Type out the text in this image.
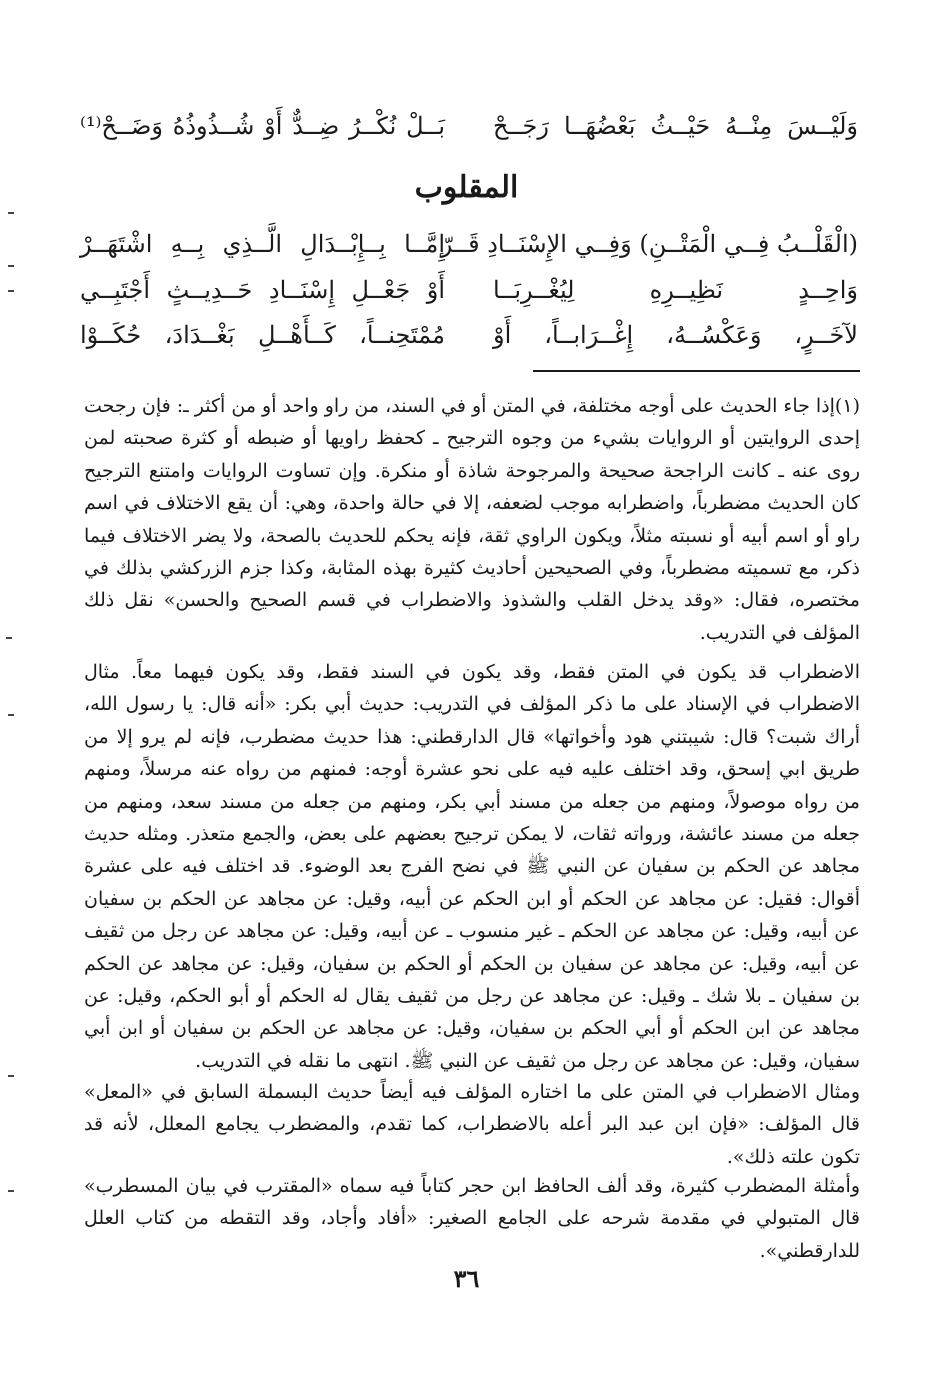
وَلَيْــسَ مِنْــهُ حَيْــثُ بَعْضُهَــا رَجَــحْ
بَــلْ نُكْــرُ ضِــدٌّ أَوْ شُــذُوذُهُ وَضَــحْ⁽¹⁾
المقلوب
(الْقَلْــبُ فِــي الْمَتْــنِ) وَفِــي الإِسْنَــادِ قَــرّ
إِمَّــا بِــإِبْــدَالِ الَّــذِي بِــهِ اشْتَهَــرْ
وَاحِــدٍ نَظِيــرِهِ لِيُغْــرِبَــا
أَوْ جَعْــلِ إِسْنَــادِ حَــدِيــثٍ أَجْتَبِــي
لآخَــرٍ، وَعَكْسُــهُ، إِغْــرَابــاً، أَوْ
مُمْتَحِنــاً، كَــأَهْــلِ بَغْــدَادَ، حُكَــوْا

(١)إذا جاء الحديث على أوجه مختلفة، في المتن أو في السند، من راو واحد أو من أكثر ـ: فإن رجحت إحدى الروايتين أو الروايات بشيء من وجوه الترجيح ـ كحفظ راويها أو ضبطه أو كثرة صحبته لمن روى عنه ـ كانت الراجحة صحيحة والمرجوحة شاذة أو منكرة. وإن تساوت الروايات وامتنع الترجيح كان الحديث مضطرباً، واضطرابه موجب لضعفه، إلا في حالة واحدة، وهي: أن يقع الاختلاف في اسم راو أو اسم أبيه أو نسبته مثلاً، ويكون الراوي ثقة، فإنه يحكم للحديث بالصحة، ولا يضر الاختلاف فيما ذكر، مع تسميته مضطرباً، وفي الصحيحين أحاديث كثيرة بهذه المثابة، وكذا جزم الزركشي بذلك في مختصره، فقال: «وقد يدخل القلب والشذوذ والاضطراب في قسم الصحيح والحسن» نقل ذلك المؤلف في التدريب.

الاضطراب قد يكون في المتن فقط، وقد يكون في السند فقط، وقد يكون فيهما معاً. مثال الاضطراب في الإسناد على ما ذكر المؤلف في التدريب: حديث أبي بكر: «أنه قال: يا رسول الله، أراك شبت؟ قال: شيبتني هود وأخواتها» قال الدارقطني: هذا حديث مضطرب، فإنه لم يرو إلا من طريق ابي إسحق، وقد اختلف عليه فيه على نحو عشرة أوجه: فمنهم من رواه عنه مرسلاً، ومنهم من رواه موصولاً، ومنهم من جعله من مسند أبي بكر، ومنهم من جعله من مسند سعد، ومنهم من جعله من مسند عائشة، ورواته ثقات، لا يمكن ترجيح بعضهم على بعض، والجمع متعذر. ومثله حديث مجاهد عن الحكم بن سفيان عن النبي ﷺ في نضح الفرج بعد الوضوء. قد اختلف فيه على عشرة أقوال: فقيل: عن مجاهد عن الحكم أو ابن الحكم عن أبيه، وقيل: عن مجاهد عن الحكم بن سفيان عن أبيه، وقيل: عن مجاهد عن الحكم ـ غير منسوب ـ عن أبيه، وقيل: عن مجاهد عن رجل من ثقيف عن أبيه، وقيل: عن مجاهد عن سفيان بن الحكم أو الحكم بن سفيان، وقيل: عن مجاهد عن الحكم بن سفيان ـ بلا شك ـ وقيل: عن مجاهد عن رجل من ثقيف يقال له الحكم أو أبو الحكم، وقيل: عن مجاهد عن ابن الحكم أو أبي الحكم بن سفيان، وقيل: عن مجاهد عن الحكم بن سفيان أو ابن أبي سفيان، وقيل: عن مجاهد عن رجل من ثقيف عن النبي ﷺ. انتهى ما نقله في التدريب.

ومثال الاضطراب في المتن على ما اختاره المؤلف فيه أيضاً حديث البسملة السابق في «المعل» قال المؤلف: «فإن ابن عبد البر أعله بالاضطراب، كما تقدم، والمضطرب يجامع المعلل، لأنه قد تكون علته ذلك».

وأمثلة المضطرب كثيرة، وقد ألف الحافظ ابن حجر كتاباً فيه سماه «المقترب في بيان المسطرب» قال المتبولي في مقدمة شرحه على الجامع الصغير: «أفاد وأجاد، وقد التقطه من كتاب العلل للدارقطني».

٣٦
